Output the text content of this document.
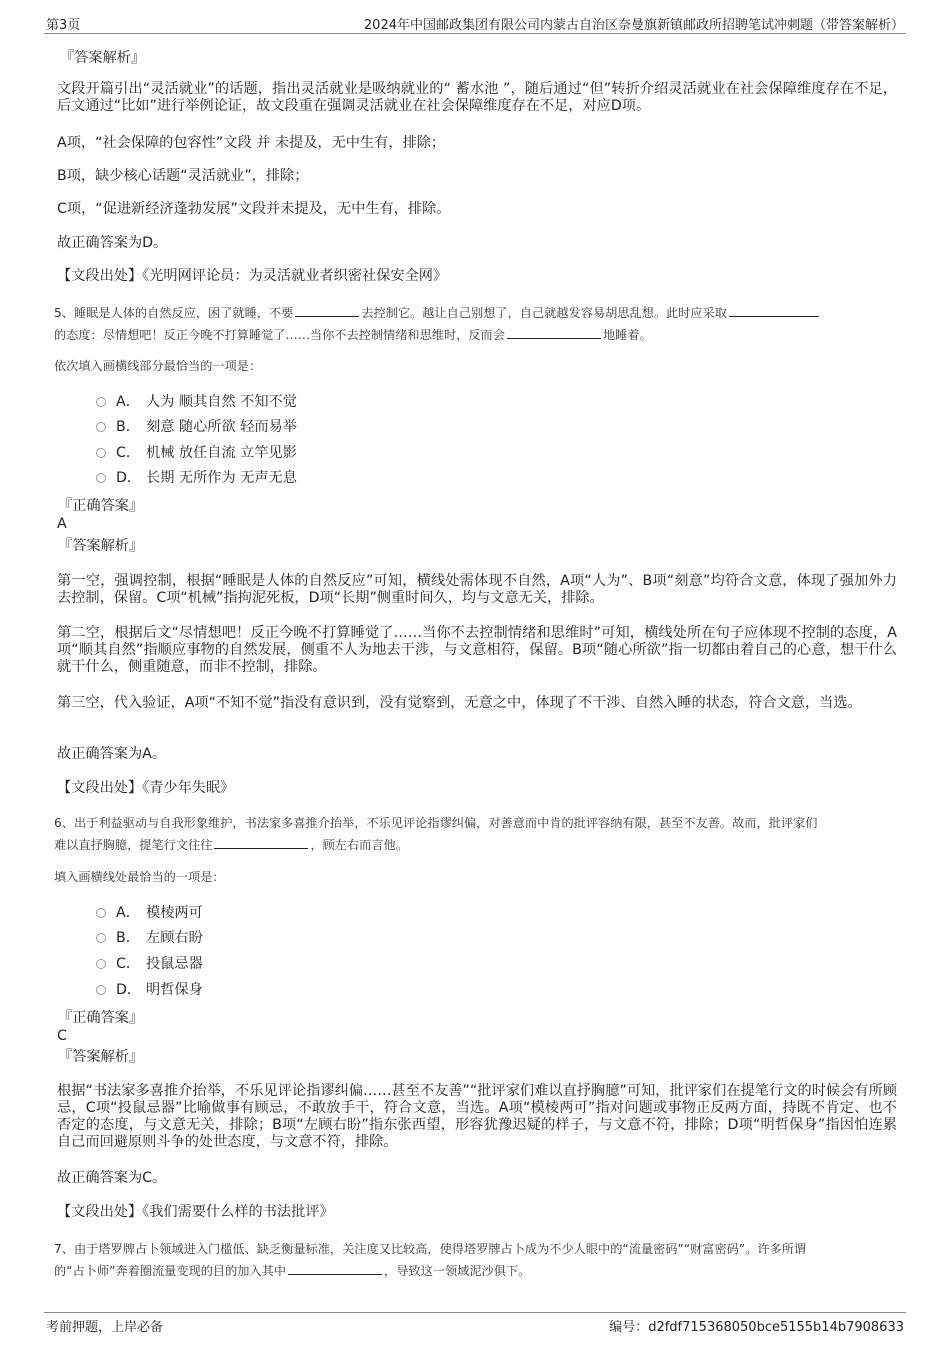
第3页	2024年中国邮政集团有限公司内蒙古自治区奈曼旗新镇邮政所招聘笔试冲刺题（带答案解析）
『答案解析』
文段开篇引出“灵活就业”的话题，指出灵活就业是吸纳就业的“ 蓄水池 ”，随后通过“但”转折介绍灵活就业在社会保障维度存在不足，后文通过“比如”进行举例论证，故文段重在强调灵活就业在社会保障维度存在不足，对应D项。
A项，“社会保障的包容性”文段 并 未提及，无中生有，排除；
B项，缺少核心话题“灵活就业”，排除；
C项，“促进新经济蓬勃发展”文段并未提及，无中生有，排除。
故正确答案为D。
【文段出处】《光明网评论员：为灵活就业者织密社保安全网》
5、睡眠是人体的自然反应，困了就睡，不要	去控制它。越让自己别想了，自己就越发容易胡思乱想。此时应采取
的态度：尽情想吧！反正今晚不打算睡觉了……当你不去控制情绪和思维时，反而会	地睡着。
依次填入画横线部分最恰当的一项是：
A． 人为 顺其自然 不知不觉
B． 刻意 随心所欲 轻而易举
C． 机械 放任自流 立竿见影
D． 长期 无所作为 无声无息
『正确答案』
A
『答案解析』
第一空，强调控制，根据“睡眠是人体的自然反应”可知，横线处需体现不自然，A项“人为”、B项“刻意”均符合文意，体现了强加外力去控制，保留。C项“机械”指拘泥死板，D项“长期”侧重时间久，均与文意无关，排除。
第二空，根据后文“尽情想吧！反正今晚不打算睡觉了……当你不去控制情绪和思维时”可知，横线处所在句子应体现不控制的态度，A项“顺其自然”指顺应事物的自然发展，侧重不人为地去干涉，与文意相符，保留。B项“随心所欲”指一切都由着自己的心意，想干什么就干什么，侧重随意，而非不控制，排除。
第三空，代入验证，A项“不知不觉”指没有意识到，没有觉察到，无意之中，体现了不干涉、自然入睡的状态，符合文意，当选。
故正确答案为A。
【文段出处】《青少年失眠》
6、出于利益驱动与自我形象维护，书法家多喜推介抬举，不乐见评论指谬纠偏，对善意而中肯的批评容纳有限，甚至不友善。故而，批评家们
难以直抒胸臆，提笔行文往往	，顾左右而言他。
填入画横线处最恰当的一项是：
A． 模棱两可
B． 左顾右盼
C． 投鼠忌器
D． 明哲保身
『正确答案』
C
『答案解析』
根据“书法家多喜推介抬举，不乐见评论指谬纠偏……甚至不友善”“批评家们难以直抒胸臆”可知，批评家们在提笔行文的时候会有所顾忌，C项“投鼠忌器”比喻做事有顾忌，不敢放手干，符合文意，当选。A项“模棱两可”指对问题或事物正反两方面，持既不肯定、也不否定的态度，与文意无关，排除；B项“左顾右盼”指东张西望，形容犹豫迟疑的样子，与文意不符，排除；D项“明哲保身”指因怕连累自己而回避原则斗争的处世态度，与文意不符，排除。
故正确答案为C。
【文段出处】《我们需要什么样的书法批评》
7、由于塔罗牌占卜领域进入门槛低、缺乏衡量标准，关注度又比较高，使得塔罗牌占卜成为不少人眼中的“流量密码”“财富密码”。许多所谓
的“占卜师”奔着圈流量变现的目的加入其中	，导致这一领域泥沙俱下。
考前押题，上岸必备	编号：d2fdf715368050bce5155b14b7908633
